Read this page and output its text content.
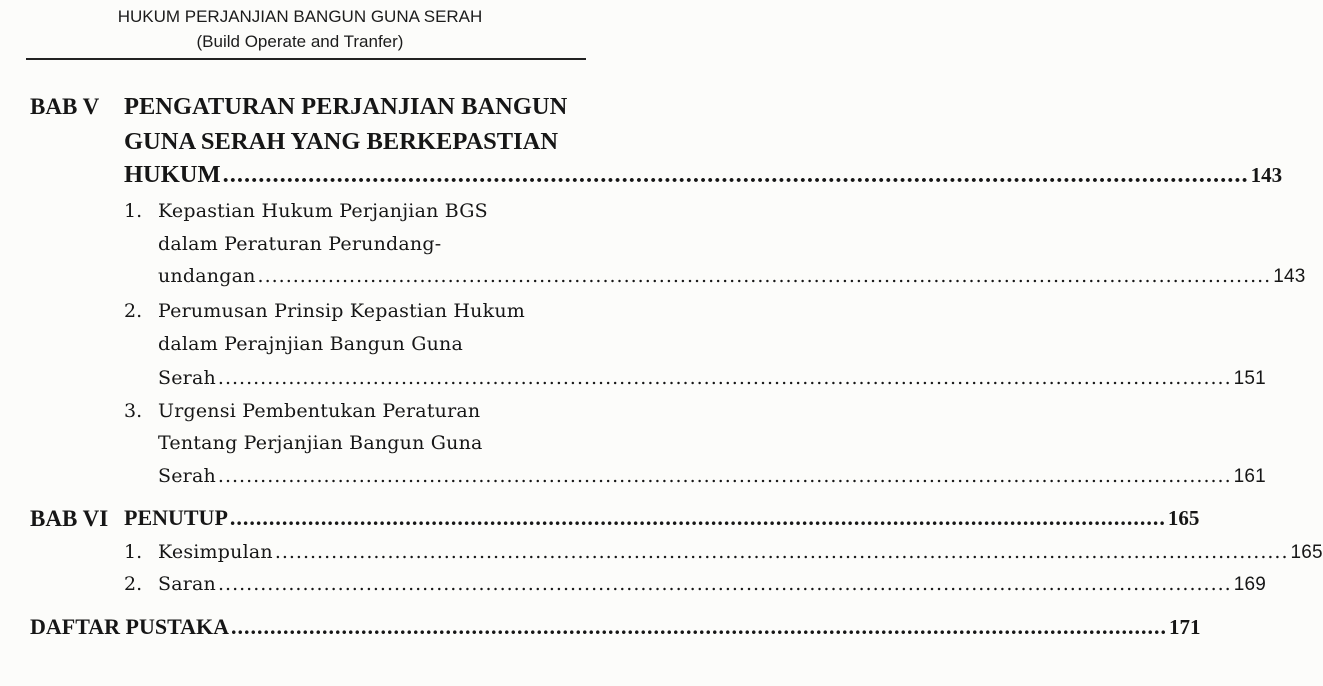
HUKUM PERJANJIAN BANGUN GUNA SERAH
(Build Operate and Tranfer)
BAB V PENGATURAN PERJANJIAN BANGUN
GUNA SERAH YANG BERKEPASTIAN
HUKUM ................................................................................................................................................ 143
1. Kepastian Hukum Perjanjian BGS
dalam Peraturan Perundang-
undangan ................................................................................................................................................ 143
2. Perumusan Prinsip Kepastian Hukum
dalam Perajnjian Bangun Guna
Serah ................................................................................................................................................ 151
3. Urgensi Pembentukan Peraturan
Tentang Perjanjian Bangun Guna
Serah ................................................................................................................................................ 161
BAB VI PENUTUP ................................................................................................................................................ 165
1. Kesimpulan ................................................................................................................................................ 165
2. Saran ................................................................................................................................................ 169
DAFTAR PUSTAKA ................................................................................................................................................ 171
